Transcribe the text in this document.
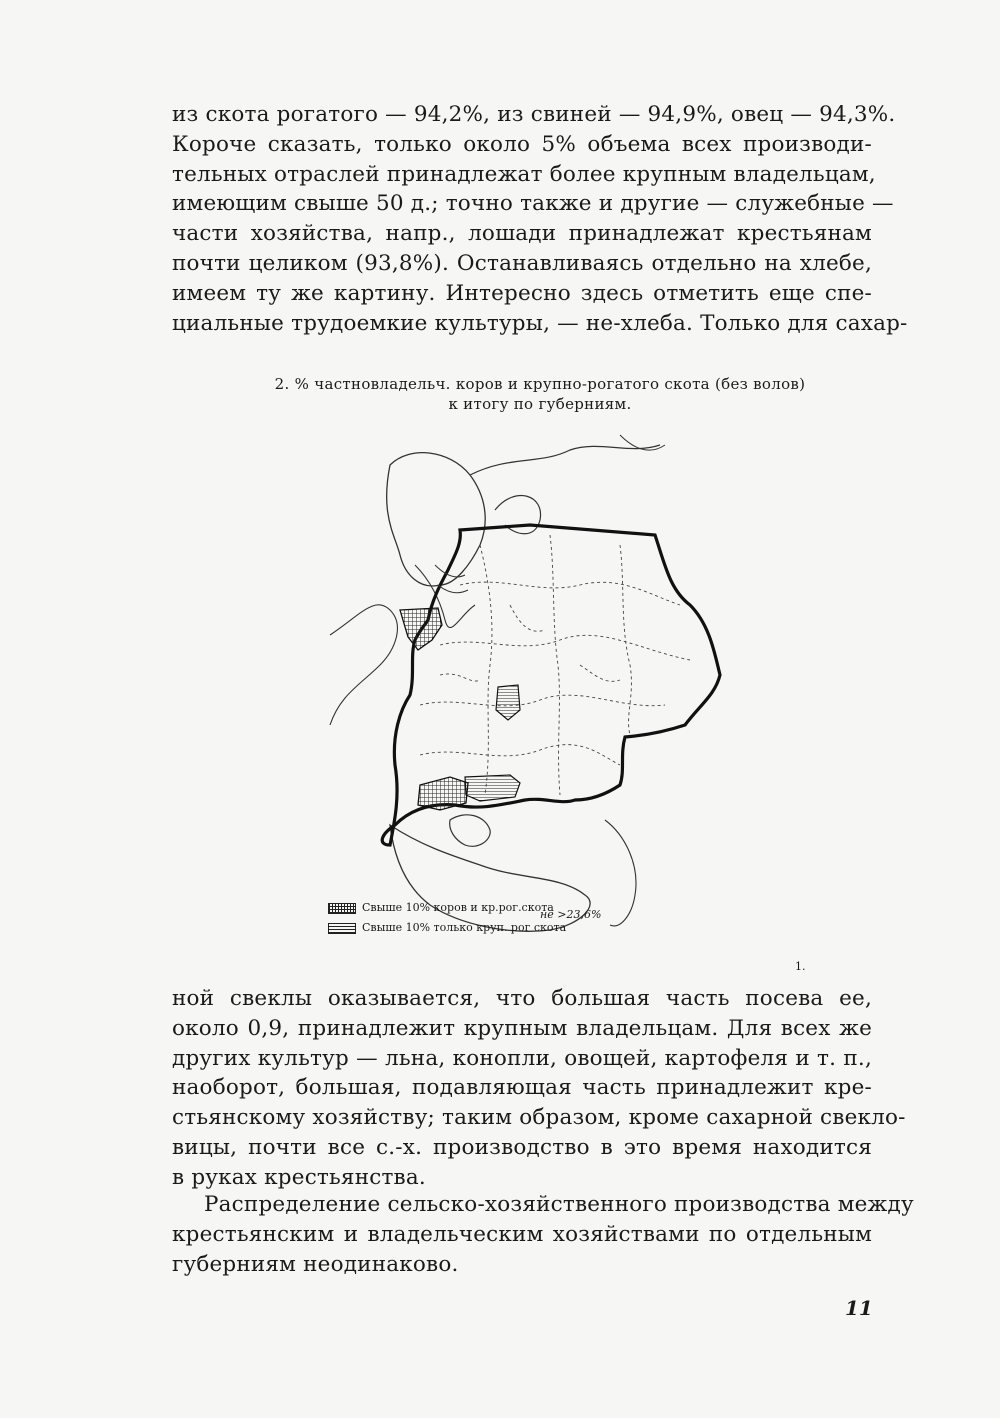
из скота рогатого — 94,2%, из свиней — 94,9%, овец — 94,3%.
Короче сказать, только около 5% объема всех производи-
тельных отраслей принадлежат более крупным владельцам,
имеющим свыше 50 д.; точно также и другие — служебные —
части хозяйства, напр., лошади принадлежат крестьянам
почти целиком (93,8%). Останавливаясь отдельно на хлебе,
имеем ту же картину. Интересно здесь отметить еще спе-
циальные трудоемкие культуры, — не-хлеба. Только для сахар-
2. % частновладельч. коров и крупно-рогатого скота (без волов)
к итогу по губерниям.
Свыше 10% коров и кр.рог.скота
Свыше 10% только круп. рог скота
не >23,6%
1.
ной свеклы оказывается, что большая часть посева ее,
около 0,9, принадлежит крупным владельцам. Для всех же
других культур — льна, конопли, овощей, картофеля и т. п.,
наоборот, большая, подавляющая часть принадлежит кре-
стьянскому хозяйству; таким образом, кроме сахарной свекло-
вицы, почти все с.-х. производство в это время находится
в руках крестьянства.
Распределение сельско-хозяйственного производства между
крестьянским и владельческим хозяйствами по отдельным
губерниям неодинаково.
11
